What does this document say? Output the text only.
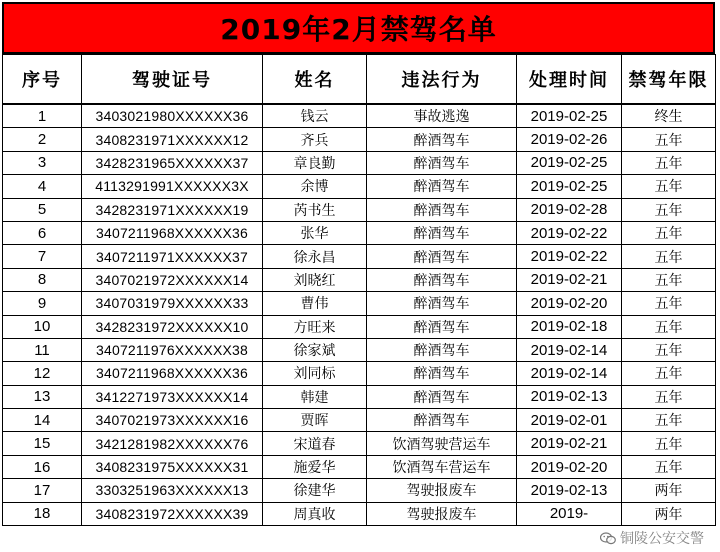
2019年2月禁驾名单
序号	驾驶证号	姓名	违法行为	处理时间	禁驾年限
1	3403021980XXXXXX36	钱云	事故逃逸	2019-02-25	终生
2	3408231971XXXXXX12	齐兵	醉酒驾车	2019-02-26	五年
3	3428231965XXXXXX37	章良勤	醉酒驾车	2019-02-25	五年
4	4113291991XXXXXX3X	余博	醉酒驾车	2019-02-25	五年
5	3428231971XXXXXX19	芮书生	醉酒驾车	2019-02-28	五年
6	3407211968XXXXXX36	张华	醉酒驾车	2019-02-22	五年
7	3407211971XXXXXX37	徐永昌	醉酒驾车	2019-02-22	五年
8	3407021972XXXXXX14	刘晓红	醉酒驾车	2019-02-21	五年
9	3407031979XXXXXX33	曹伟	醉酒驾车	2019-02-20	五年
10	3428231972XXXXXX10	方旺来	醉酒驾车	2019-02-18	五年
11	3407211976XXXXXX38	徐家斌	醉酒驾车	2019-02-14	五年
12	3407211968XXXXXX36	刘同标	醉酒驾车	2019-02-14	五年
13	3412271973XXXXXX14	韩建	醉酒驾车	2019-02-13	五年
14	3407021973XXXXXX16	贾晖	醉酒驾车	2019-02-01	五年
15	3421281982XXXXXX76	宋道春	饮酒驾驶营运车	2019-02-21	五年
16	3408231975XXXXXX31	施爱华	饮酒驾车营运车	2019-02-20	五年
17	3303251963XXXXXX13	徐建华	驾驶报废车	2019-02-13	两年
18	3408231972XXXXXX39	周真收	驾驶报废车	2019-	两年
铜陵公安交警
